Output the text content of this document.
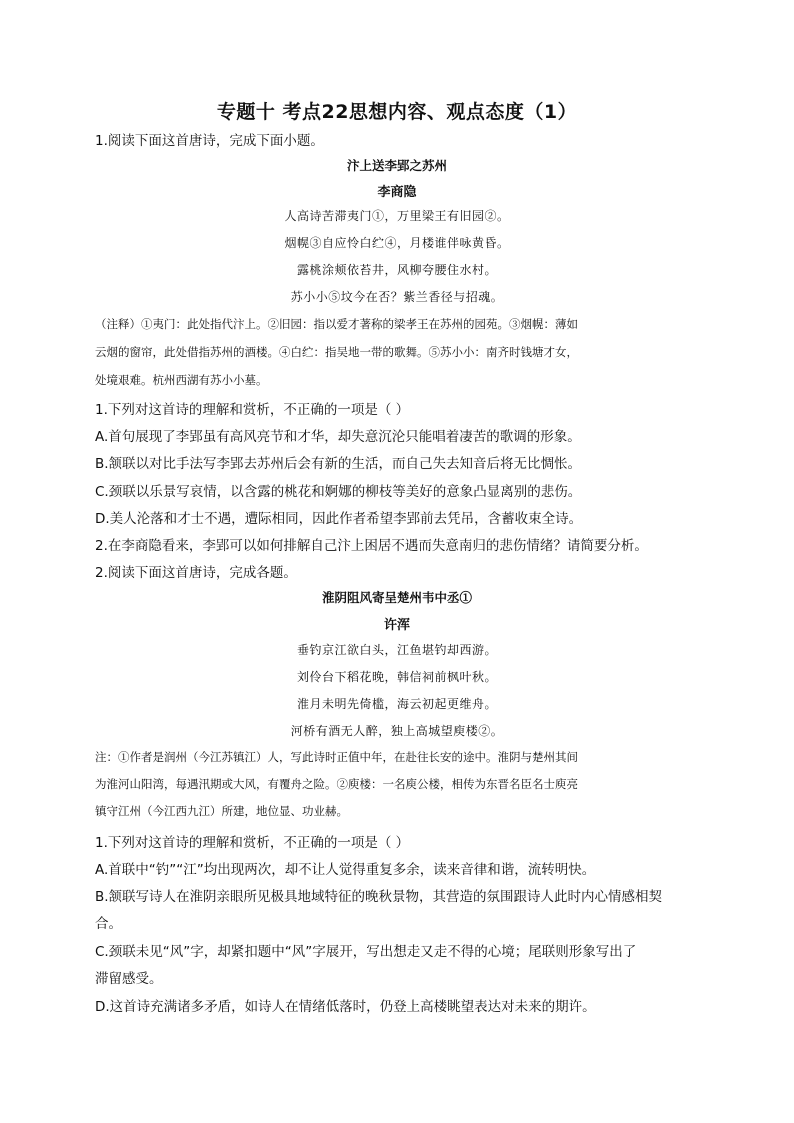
专题十 考点22思想内容、观点态度（1）
1.阅读下面这首唐诗，完成下面小题。
汴上送李郢之苏州
李商隐
人高诗苦滞夷门①，万里梁王有旧园②。
烟幌③自应怜白纻④，月楼谁伴咏黄昏。
露桃涂颊依苔井，风柳夸腰住水村。
苏小小⑤坟今在否？紫兰香径与招魂。
（注释）①夷门：此处指代汴上。②旧园：指以爱才著称的梁孝王在苏州的园苑。③烟幌：薄如
云烟的窗帘，此处借指苏州的酒楼。④白纻：指吴地一带的歌舞。⑤苏小小：南齐时钱塘才女，
处境艰难。杭州西湖有苏小小墓。
1.下列对这首诗的理解和赏析，不正确的一项是（ ）
A.首句展现了李郢虽有高风亮节和才华，却失意沉沦只能唱着凄苦的歌调的形象。
B.颔联以对比手法写李郢去苏州后会有新的生活，而自己失去知音后将无比惆怅。
C.颈联以乐景写哀情，以含露的桃花和婀娜的柳枝等美好的意象凸显离别的悲伤。
D.美人沦落和才士不遇，遭际相同，因此作者希望李郢前去凭吊，含蓄收束全诗。
2.在李商隐看来，李郢可以如何排解自己汴上困居不遇而失意南归的悲伤情绪？请简要分析。
2.阅读下面这首唐诗，完成各题。
淮阴阻风寄呈楚州韦中丞①
许浑
垂钓京江欲白头，江鱼堪钓却西游。
刘伶台下稻花晚，韩信祠前枫叶秋。
淮月未明先倚槛，海云初起更维舟。
河桥有酒无人醉，独上高城望庾楼②。
注：①作者是润州（今江苏镇江）人，写此诗时正值中年，在赴往长安的途中。淮阴与楚州其间
为淮河山阳湾，每遇汛期或大风，有覆舟之险。②庾楼：一名庾公楼，相传为东晋名臣名士庾亮
镇守江州（今江西九江）所建，地位显、功业赫。
1.下列对这首诗的理解和赏析，不正确的一项是（ ）
A.首联中“钓”“江”均出现两次，却不让人觉得重复多余，读来音律和谐，流转明快。
B.颔联写诗人在淮阴亲眼所见极具地域特征的晚秋景物，其营造的氛围跟诗人此时内心情感相契
合。
C.颈联未见“风”字，却紧扣题中“风”字展开，写出想走又走不得的心境；尾联则形象写出了
滞留感受。
D.这首诗充满诸多矛盾，如诗人在情绪低落时，仍登上高楼眺望表达对未来的期许。
